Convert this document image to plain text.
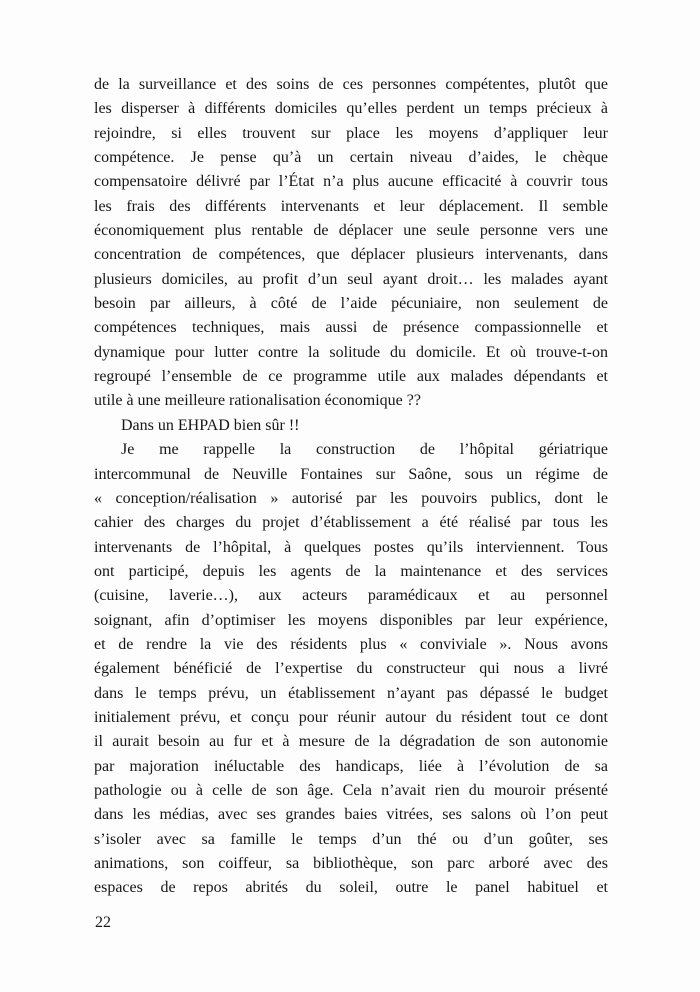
de la surveillance et des soins de ces personnes compétentes, plutôt que
les disperser à différents domiciles qu’elles perdent un temps précieux à
rejoindre, si elles trouvent sur place les moyens d’appliquer leur
compétence. Je pense qu’à un certain niveau d’aides, le chèque
compensatoire délivré par l’État n’a plus aucune efficacité à couvrir tous
les frais des différents intervenants et leur déplacement. Il semble
économiquement plus rentable de déplacer une seule personne vers une
concentration de compétences, que déplacer plusieurs intervenants, dans
plusieurs domiciles, au profit d’un seul ayant droit… les malades ayant
besoin par ailleurs, à côté de l’aide pécuniaire, non seulement de
compétences techniques, mais aussi de présence compassionnelle et
dynamique pour lutter contre la solitude du domicile. Et où trouve-t-on
regroupé l’ensemble de ce programme utile aux malades dépendants et
utile à une meilleure rationalisation économique ??
Dans un EHPAD bien sûr !!
Je me rappelle la construction de l’hôpital gériatrique
intercommunal de Neuville Fontaines sur Saône, sous un régime de
« conception/réalisation » autorisé par les pouvoirs publics, dont le
cahier des charges du projet d’établissement a été réalisé par tous les
intervenants de l’hôpital, à quelques postes qu’ils interviennent. Tous
ont participé, depuis les agents de la maintenance et des services
(cuisine, laverie…), aux acteurs paramédicaux et au personnel
soignant, afin d’optimiser les moyens disponibles par leur expérience,
et de rendre la vie des résidents plus « conviviale ». Nous avons
également bénéficié de l’expertise du constructeur qui nous a livré
dans le temps prévu, un établissement n’ayant pas dépassé le budget
initialement prévu, et conçu pour réunir autour du résident tout ce dont
il aurait besoin au fur et à mesure de la dégradation de son autonomie
par majoration inéluctable des handicaps, liée à l’évolution de sa
pathologie ou à celle de son âge. Cela n’avait rien du mouroir présenté
dans les médias, avec ses grandes baies vitrées, ses salons où l’on peut
s’isoler avec sa famille le temps d’un thé ou d’un goûter, ses
animations, son coiffeur, sa bibliothèque, son parc arboré avec des
espaces de repos abrités du soleil, outre le panel habituel et
22
